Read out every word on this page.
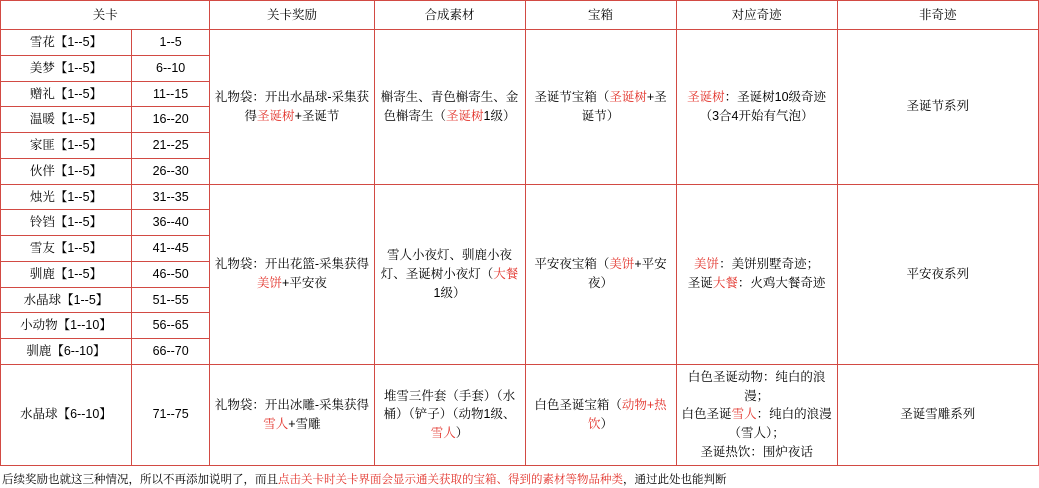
关卡		关卡奖励	合成素材	宝箱	对应奇迹	非奇迹
雪花【1--5】	1--5	礼物袋：开出水晶球-采集获得圣诞树+圣诞节	槲寄生、青色槲寄生、金色槲寄生（圣诞树1级）	圣诞节宝箱（圣诞树+圣诞节）	圣诞树：圣诞树10级奇迹（3合4开始有气泡）	圣诞节系列
美梦【1--5】	6--10					
赠礼【1--5】	11--15					
温暖【1--5】	16--20					
家匪【1--5】	21--25					
伙伴【1--5】	26--30					
烛光【1--5】	31--35	礼物袋：开出花篮-采集获得美饼+平安夜	雪人小夜灯、驯鹿小夜灯、圣诞树小夜灯（大餐1级）	平安夜宝箱（美饼+平安夜）	美饼：美饼别墅奇迹；
圣诞大餐：火鸡大餐奇迹	平安夜系列
铃铛【1--5】	36--40					
雪友【1--5】	41--45					
驯鹿【1--5】	46--50					
水晶球【1--5】	51--55					
小动物【1--10】	56--65					
驯鹿【6--10】	66--70					
水晶球【6--10】	71--75	礼物袋：开出冰雕-采集获得雪人+雪雕	堆雪三件套（手套）（水桶）（铲子）（动物1级、雪人）	白色圣诞宝箱（动物+热饮）	白色圣诞动物：纯白的浪漫；
白色圣诞雪人：纯白的浪漫（雪人）；
圣诞热饮：围炉夜话	圣诞雪雕系列
后续奖励也就这三种情况，所以不再添加说明了，而且点击关卡时关卡界面会显示通关获取的宝箱、得到的素材等物品种类，通过此处也能判断
